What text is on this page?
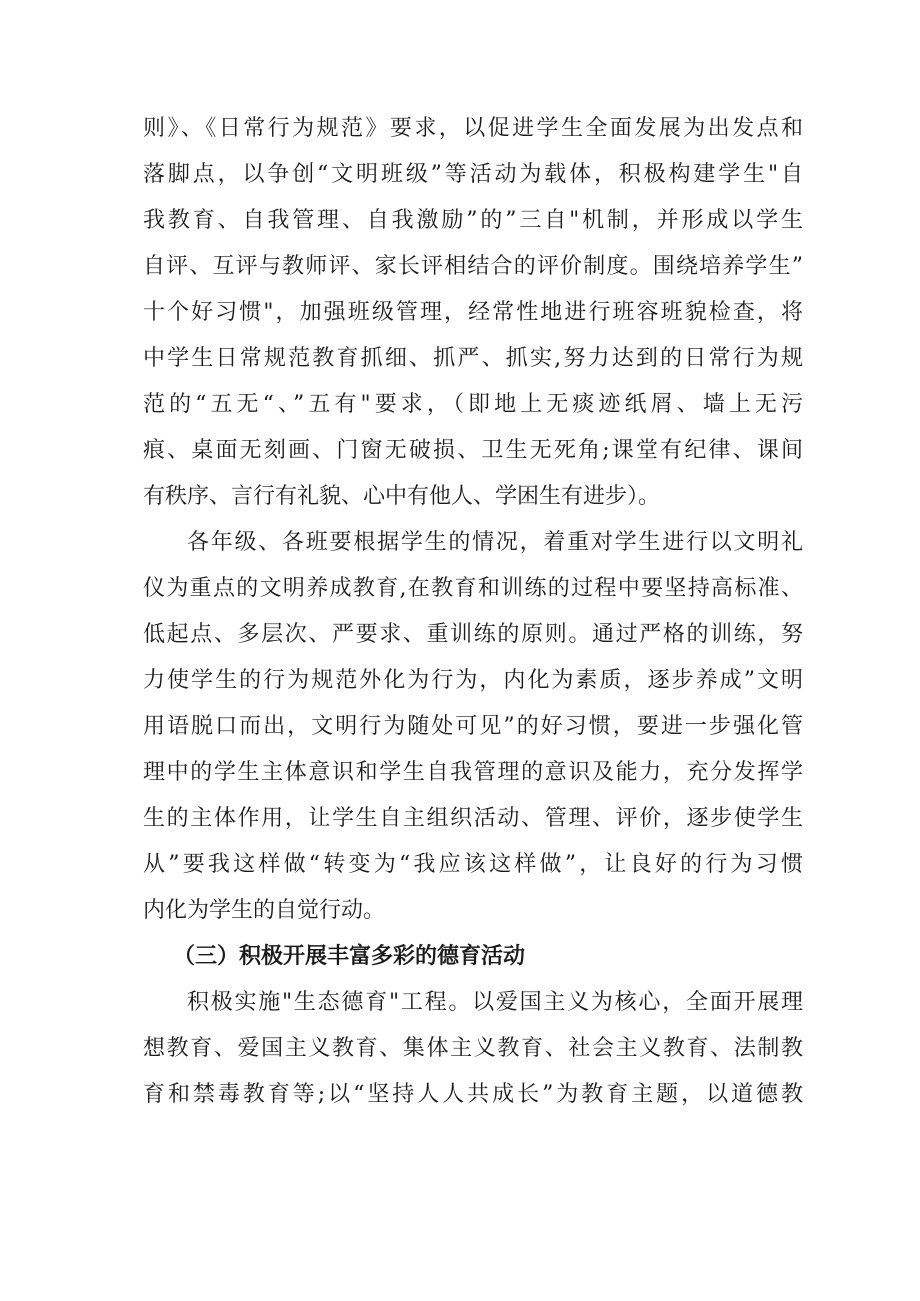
则》、《日常行为规范》要求，以促进学生全面发展为出发点和
落脚点，以争创“文明班级”等活动为载体，积极构建学生"自
我教育、自我管理、自我激励”的”三自"机制，并形成以学生
自评、互评与教师评、家长评相结合的评价制度。围绕培养学生”
十个好习惯"，加强班级管理，经常性地进行班容班貌检查，将
中学生日常规范教育抓细、抓严、抓实,努力达到的日常行为规
范的“五无“、”五有"要求，（即地上无痰迹纸屑、墙上无污
痕、桌面无刻画、门窗无破损、卫生无死角;课堂有纪律、课间
有秩序、言行有礼貌、心中有他人、学困生有进步）。
各年级、各班要根据学生的情况，着重对学生进行以文明礼
仪为重点的文明养成教育,在教育和训练的过程中要坚持高标准、
低起点、多层次、严要求、重训练的原则。通过严格的训练，努
力使学生的行为规范外化为行为，内化为素质，逐步养成”文明
用语脱口而出，文明行为随处可见”的好习惯，要进一步强化管
理中的学生主体意识和学生自我管理的意识及能力，充分发挥学
生的主体作用，让学生自主组织活动、管理、评价，逐步使学生
从”要我这样做“转变为“我应该这样做”，让良好的行为习惯
内化为学生的自觉行动。
（三）积极开展丰富多彩的德育活动
积极实施"生态德育"工程。以爱国主义为核心，全面开展理
想教育、爱国主义教育、集体主义教育、社会主义教育、法制教
育和禁毒教育等;以“坚持人人共成长”为教育主题，以道德教
